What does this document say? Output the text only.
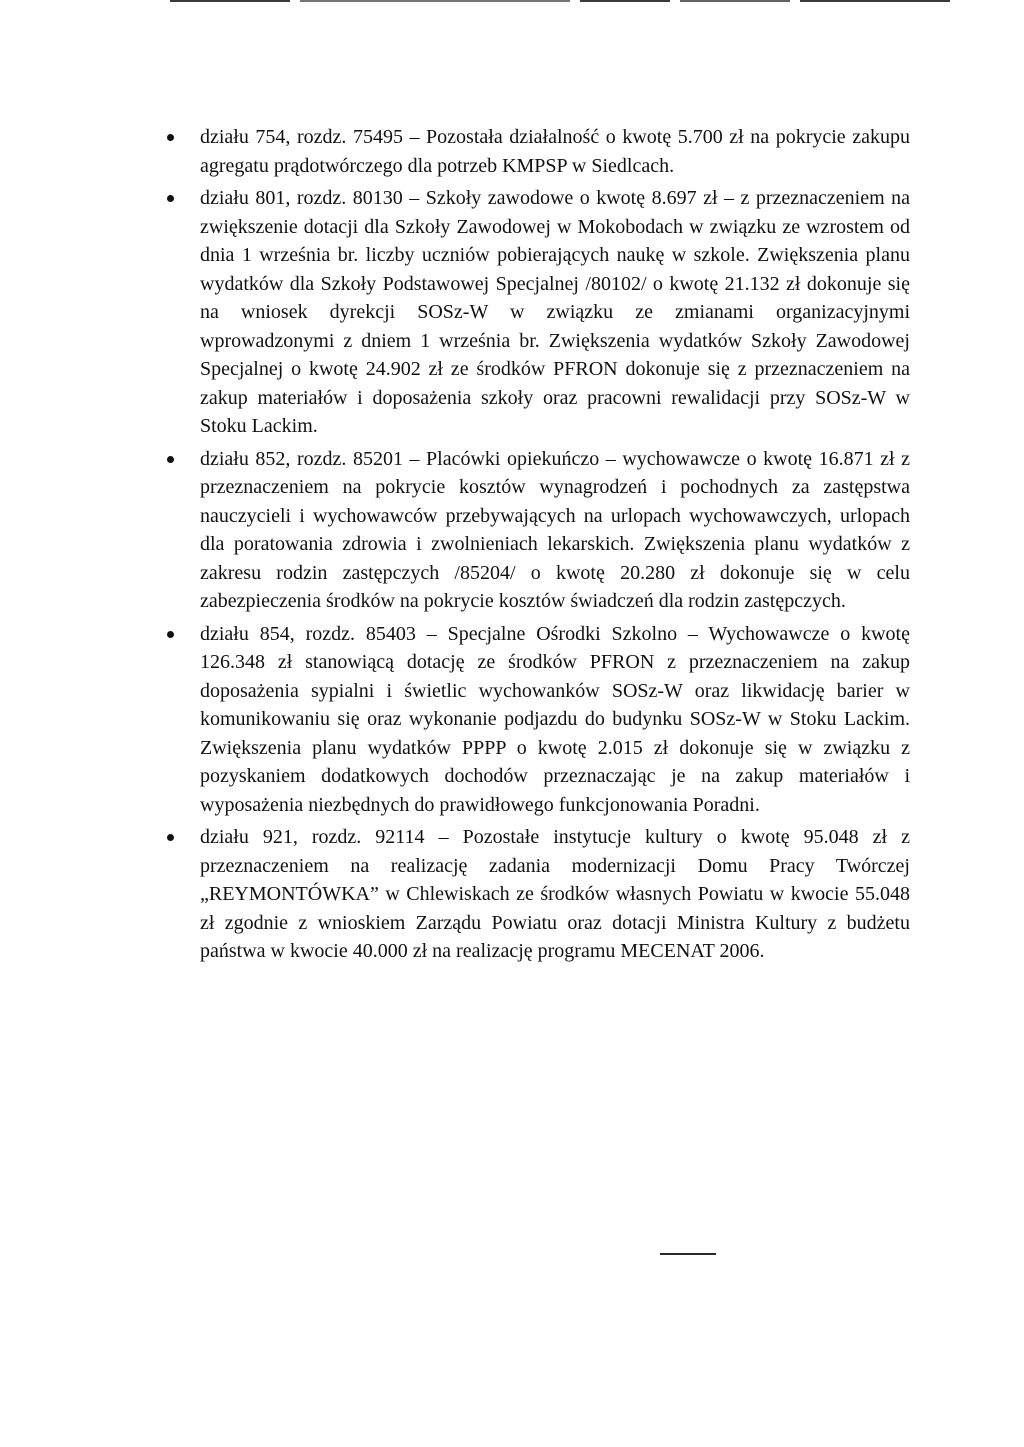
działu 754, rozdz. 75495 – Pozostała działalność o kwotę 5.700 zł na pokrycie zakupu agregatu prądotwórczego dla potrzeb KMPSP w Siedlcach.
działu 801, rozdz. 80130 – Szkoły zawodowe o kwotę 8.697 zł – z przeznaczeniem na zwiększenie dotacji dla Szkoły Zawodowej w Mokobodach w związku ze wzrostem od dnia 1 września br. liczby uczniów pobierających naukę w szkole. Zwiększenia planu wydatków dla Szkoły Podstawowej Specjalnej /80102/ o kwotę 21.132 zł dokonuje się na wniosek dyrekcji SOSz-W w związku ze zmianami organizacyjnymi wprowadzonymi z dniem 1 września br. Zwiększenia wydatków Szkoły Zawodowej Specjalnej o kwotę 24.902 zł ze środków PFRON dokonuje się z przeznaczeniem na zakup materiałów i doposażenia szkoły oraz pracowni rewalidacji przy SOSz-W w Stoku Lackim.
działu 852, rozdz. 85201 – Placówki opiekuńczo – wychowawcze o kwotę 16.871 zł z przeznaczeniem na pokrycie kosztów wynagrodzeń i pochodnych za zastępstwa nauczycieli i wychowawców przebywających na urlopach wychowawczych, urlopach dla poratowania zdrowia i zwolnieniach lekarskich. Zwiększenia planu wydatków z zakresu rodzin zastępczych /85204/ o kwotę 20.280 zł dokonuje się w celu zabezpieczenia środków na pokrycie kosztów świadczeń dla rodzin zastępczych.
działu 854, rozdz. 85403 – Specjalne Ośrodki Szkolno – Wychowawcze o kwotę 126.348 zł stanowiącą dotację ze środków PFRON z przeznaczeniem na zakup doposażenia sypialni i świetlic wychowanków SOSz-W oraz likwidację barier w komunikowaniu się oraz wykonanie podjazdu do budynku SOSz-W w Stoku Lackim. Zwiększenia planu wydatków PPPP o kwotę 2.015 zł dokonuje się w związku z pozyskaniem dodatkowych dochodów przeznaczając je na zakup materiałów i wyposażenia niezbędnych do prawidłowego funkcjonowania Poradni.
działu 921, rozdz. 92114 – Pozostałe instytucje kultury o kwotę 95.048 zł z przeznaczeniem na realizację zadania modernizacji Domu Pracy Twórczej „REYMONTÓWKA” w Chlewiskach ze środków własnych Powiatu w kwocie 55.048 zł zgodnie z wnioskiem Zarządu Powiatu oraz dotacji Ministra Kultury z budżetu państwa w kwocie 40.000 zł na realizację programu MECENAT 2006.
